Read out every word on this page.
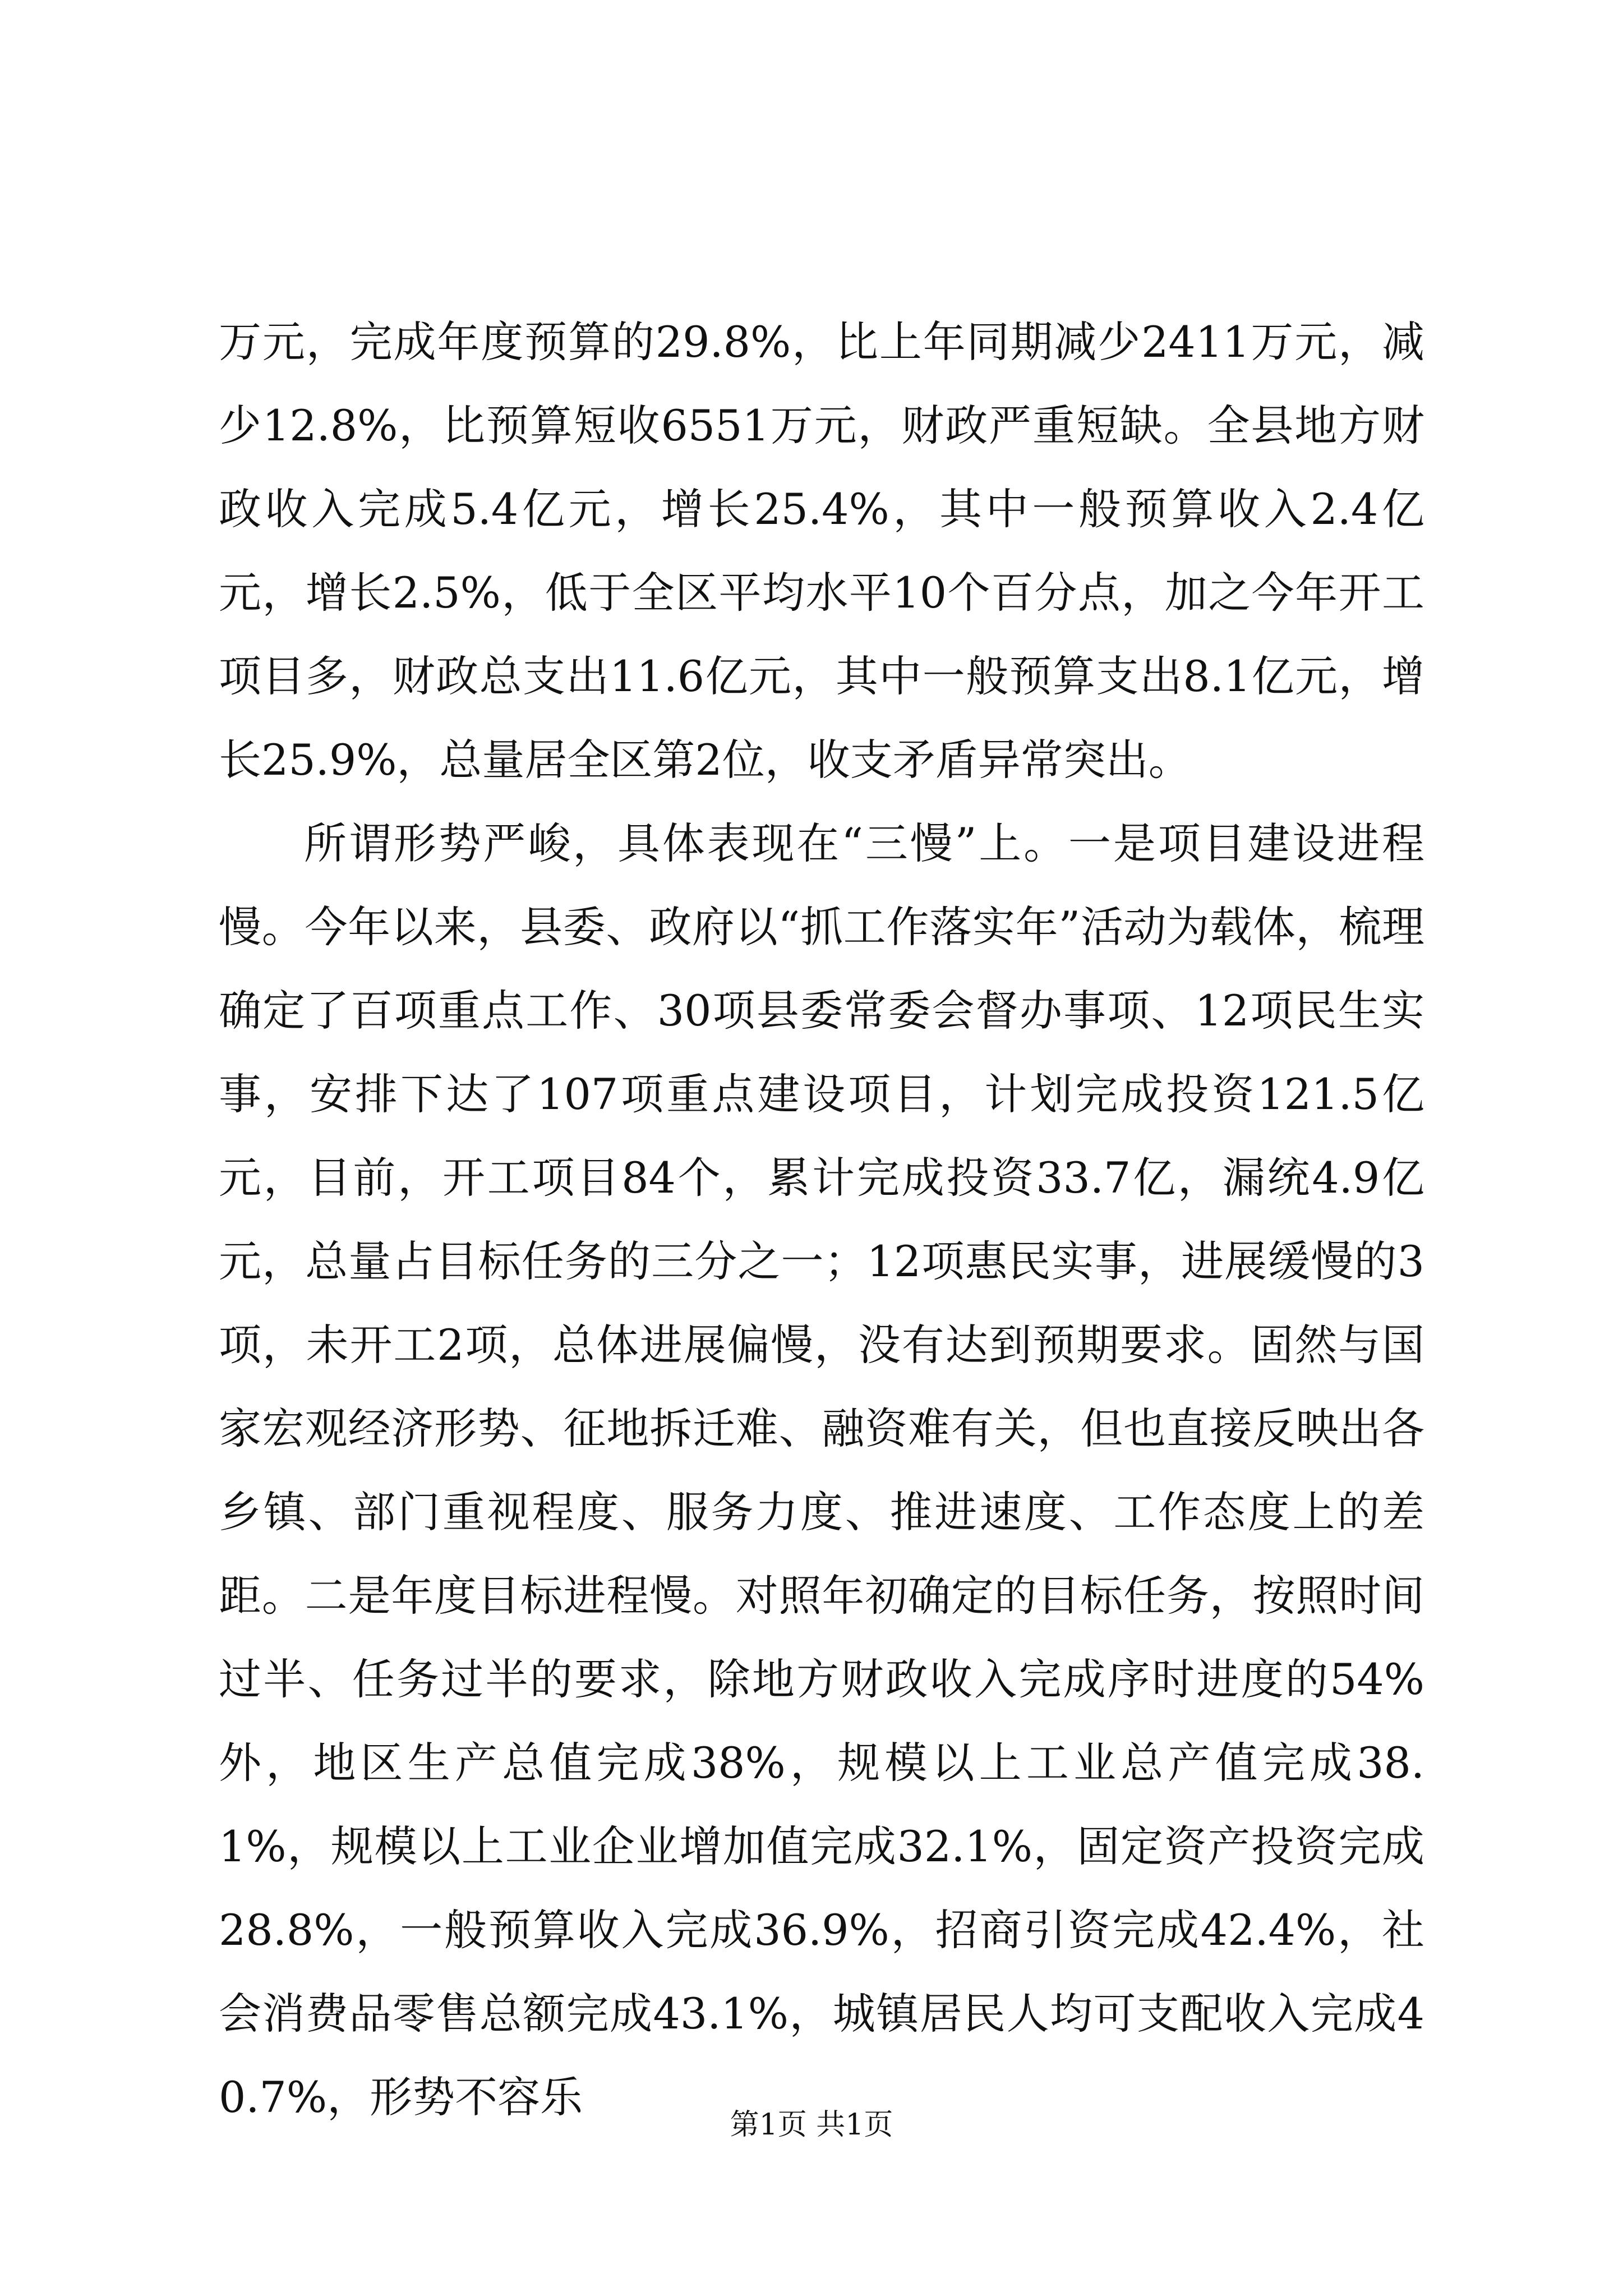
万元，完成年度预算的29.8%，比上年同期减少2411万元，减少12.8%，比预算短收6551万元，财政严重短缺。全县地方财政收入完成5.4亿元，增长25.4%，其中一般预算收入2.4亿元，增长2.5%，低于全区平均水平10个百分点，加之今年开工项目多，财政总支出11.6亿元，其中一般预算支出8.1亿元，增长25.9%，总量居全区第2位，收支矛盾异常突出。

所谓形势严峻，具体表现在“三慢”上。一是项目建设进程慢。今年以来，县委、政府以“抓工作落实年”活动为载体，梳理确定了百项重点工作、30项县委常委会督办事项、12项民生实事，安排下达了107项重点建设项目，计划完成投资121.5亿元，目前，开工项目84个，累计完成投资33.7亿，漏统4.9亿元，总量占目标任务的三分之一；12项惠民实事，进展缓慢的3项，未开工2项，总体进展偏慢，没有达到预期要求。固然与国家宏观经济形势、征地拆迁难、融资难有关，但也直接反映出各乡镇、部门重视程度、服务力度、推进速度、工作态度上的差距。二是年度目标进程慢。对照年初确定的目标任务，按照时间过半、任务过半的要求，除地方财政收入完成序时进度的54%外，地区生产总值完成38%，规模以上工业总产值完成38.1%，规模以上工业企业增加值完成32.1%，固定资产投资完成28.8%，一般预算收入完成36.9%，招商引资完成42.4%，社会消费品零售总额完成43.1%，城镇居民人均可支配收入完成40.7%，形势不容乐

第1页 共1页
